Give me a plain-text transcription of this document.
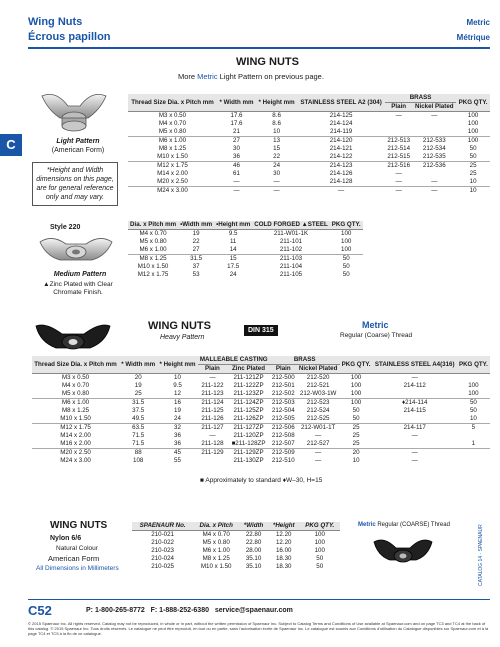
Wing Nuts
Écrous papillon
Metric
Métrique
C
WING NUTS
More Metric Light Pattern on previous page.
Light Pattern
(American Form)
*Height and Width dimensions on this page, are for general reference only and may vary.
Thread Size Dia. x Pitch mm	* Width mm	* Height mm	STAINLESS STEEL A2 (304)	BRASS		PKG QTY.
				Plain	Nickel Plated	
M3 x 0.50	17.6	8.6	214-125	—	—	100
M4 x 0.70	17.6	8.6	214-124			100
M5 x 0.80	21	10	214-119			100
M6 x 1.00	27	13	214-120	212-513	212-533	100
M8 x 1.25	30	15	214-121	212-514	212-534	50
M10 x 1.50	36	22	214-122	212-515	212-535	50
M12 x 1.75	46	24	214-123	212-516	212-536	25
M14 x 2.00	61	30	214-126	—		25
M20 x 2.50	—	—	214-128	—	—	10
M24 x 3.00	—	—	—	—	—	10
Style 220
Medium Pattern
▲Zinc Plated with Clear Chromate Finish.
Dia. x Pitch mm	•Width mm	•Height mm	COLD FORGED ▲STEEL	PKG QTY.
M4 x 0.70	19	9.5	211-W01-1K	100
M5 x 0.80	22	11	211-101	100
M6 x 1.00	27	14	211-102	100
M8 x 1.25	31.5	15	211-103	50
M10 x 1.50	37	17.5	211-104	50
M12 x 1.75	53	24	211-105	50
WING NUTS
Heavy Pattern
DIN 315
Metric
Regular (Coarse) Thread
Thread Size Dia. x Pitch mm	* Width mm	* Height mm	MALLEABLE CASTING		BRASS		PKG QTY.	STAINLESS STEEL A4(316)	PKG QTY.
			Plain	Zinc Plated	Plain	Nickel Plated			
M3 x 0.50	20	10	—	211-121ZP	212-500	212-520	100	—	
M4 x 0.70	19	9.5	211-122	211-122ZP	212-501	212-521	100	214-112	100
M5 x 0.80	25	12	211-123	211-123ZP	212-502	212-W03-1W	100		100
M6 x 1.00	31.5	16	211-124	211-124ZP	212-503	212-523	100	♦214-114	50
M8 x 1.25	37.5	19	211-125	211-125ZP	212-504	212-524	50	214-115	50
M10 x 1.50	49.5	24	211-126	211-126ZP	212-505	212-525	50		10
M12 x 1.75	63.5	32	211-127	211-127ZP	212-506	212-W01-1T	25	214-117	5
M14 x 2.00	71.5	36	—	211-120ZP	212-508	—	25	—	
M16 x 2.00	71.5	36	211-128	■211-128ZP	212-507	212-527	25		1
M20 x 2.50	88	45	211-129	211-129ZP	212-509	—	20	—	
M24 x 3.00	108	55		211-130ZP	212-510	—	10	—	
■ Approximately to standard ♦W–30, H=15
WING NUTS
Nylon 6/6
Natural Colour
American Form
All Dimensions in Millimeters
SPAENAUR No.	Dia. x Pitch	*Width	*Height	PKG QTY.
210-021	M4 x 0.70	22.80	12.20	100
210-022	M5 x 0.80	22.80	12.20	100
210-023	M6 x 1.00	28.00	16.00	100
210-024	M8 x 1.25	35.10	18.30	50
210-025	M10 x 1.50	35.10	18.30	50
Metric Regular (COARSE) Thread	CATALOG 14 · SPAENAUR
C52	P: 1-800-265-8772 F: 1-888-252-6380 service@spaenaur.com
© 2015 Spaenaur Inc. All rights reserved. Catalog may not be reproduced, in whole or in part, without the written permission of Spaenaur Inc. Subject to Catalog Terms and Conditions of Use available at Spaenaur.com and on page TC3 and TC4 at the back of this catalog. © 2015 Spaenaur Inc. Tous droits réservés. Le catalogue ne peut être reproduit, en tout ou en partie, sans l'autorisation écrite de Spaenaur Inc. Le catalogue est soumis aux Conditions d'utilisation du Catalogue disponibles sur Spaenaur.com et à la page TC4 et TC5 à la fin de ce catalogue.
